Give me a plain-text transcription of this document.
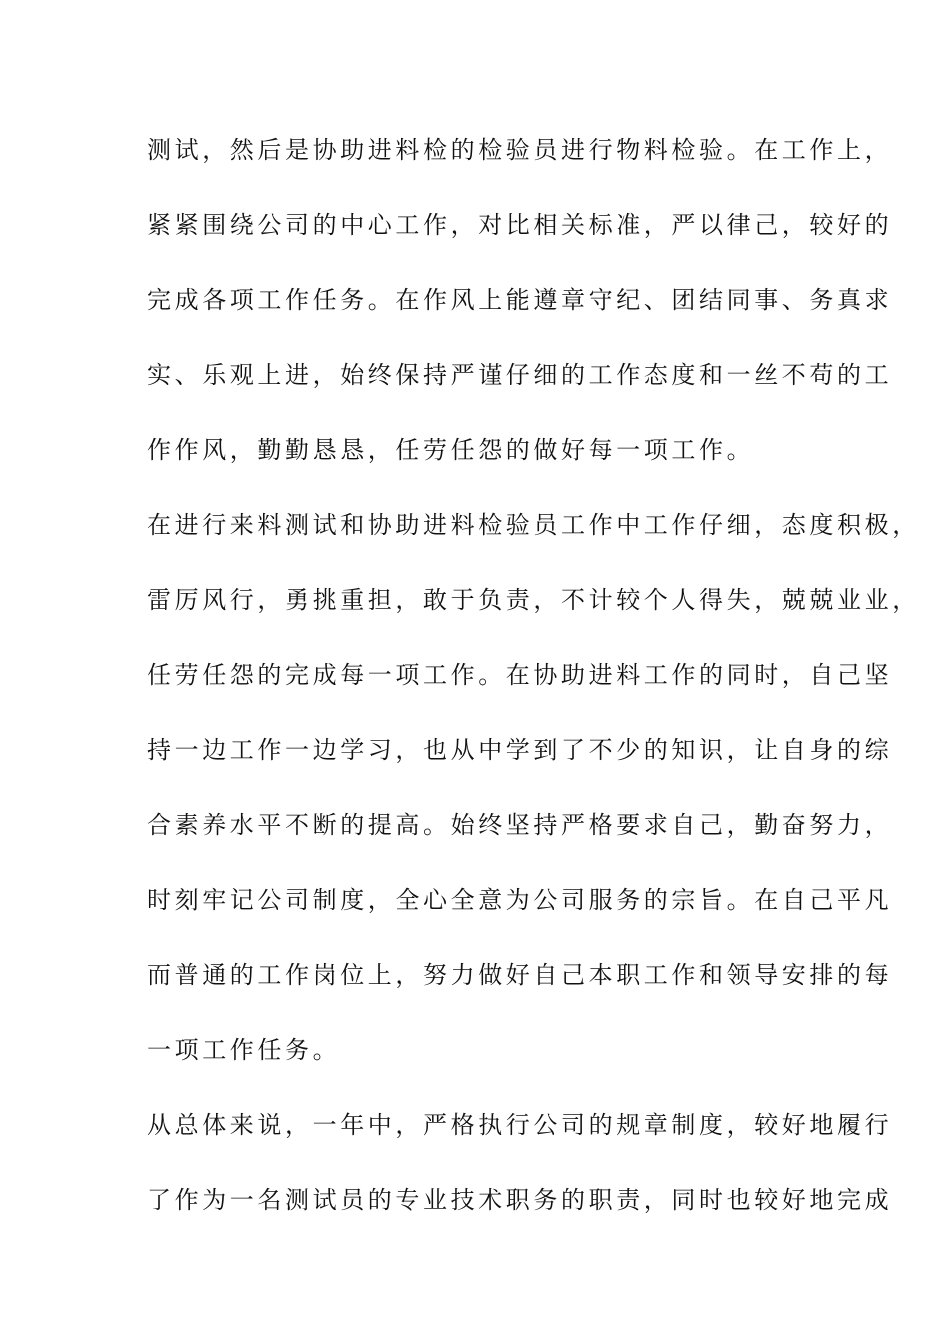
测试，然后是协助进料检的检验员进行物料检验。在工作上，
紧紧围绕公司的中心工作，对比相关标准，严以律己，较好的
完成各项工作任务。在作风上能遵章守纪、团结同事、务真求
实、乐观上进，始终保持严谨仔细的工作态度和一丝不苟的工
作作风，勤勤恳恳，任劳任怨的做好每一项工作。
在进行来料测试和协助进料检验员工作中工作仔细，态度积极，
雷厉风行，勇挑重担，敢于负责，不计较个人得失，兢兢业业，
任劳任怨的完成每一项工作。在协助进料工作的同时，自己坚
持一边工作一边学习，也从中学到了不少的知识，让自身的综
合素养水平不断的提高。始终坚持严格要求自己，勤奋努力，
时刻牢记公司制度，全心全意为公司服务的宗旨。在自己平凡
而普通的工作岗位上，努力做好自己本职工作和领导安排的每
一项工作任务。
从总体来说，一年中，严格执行公司的规章制度，较好地履行
了作为一名测试员的专业技术职务的职责，同时也较好地完成
